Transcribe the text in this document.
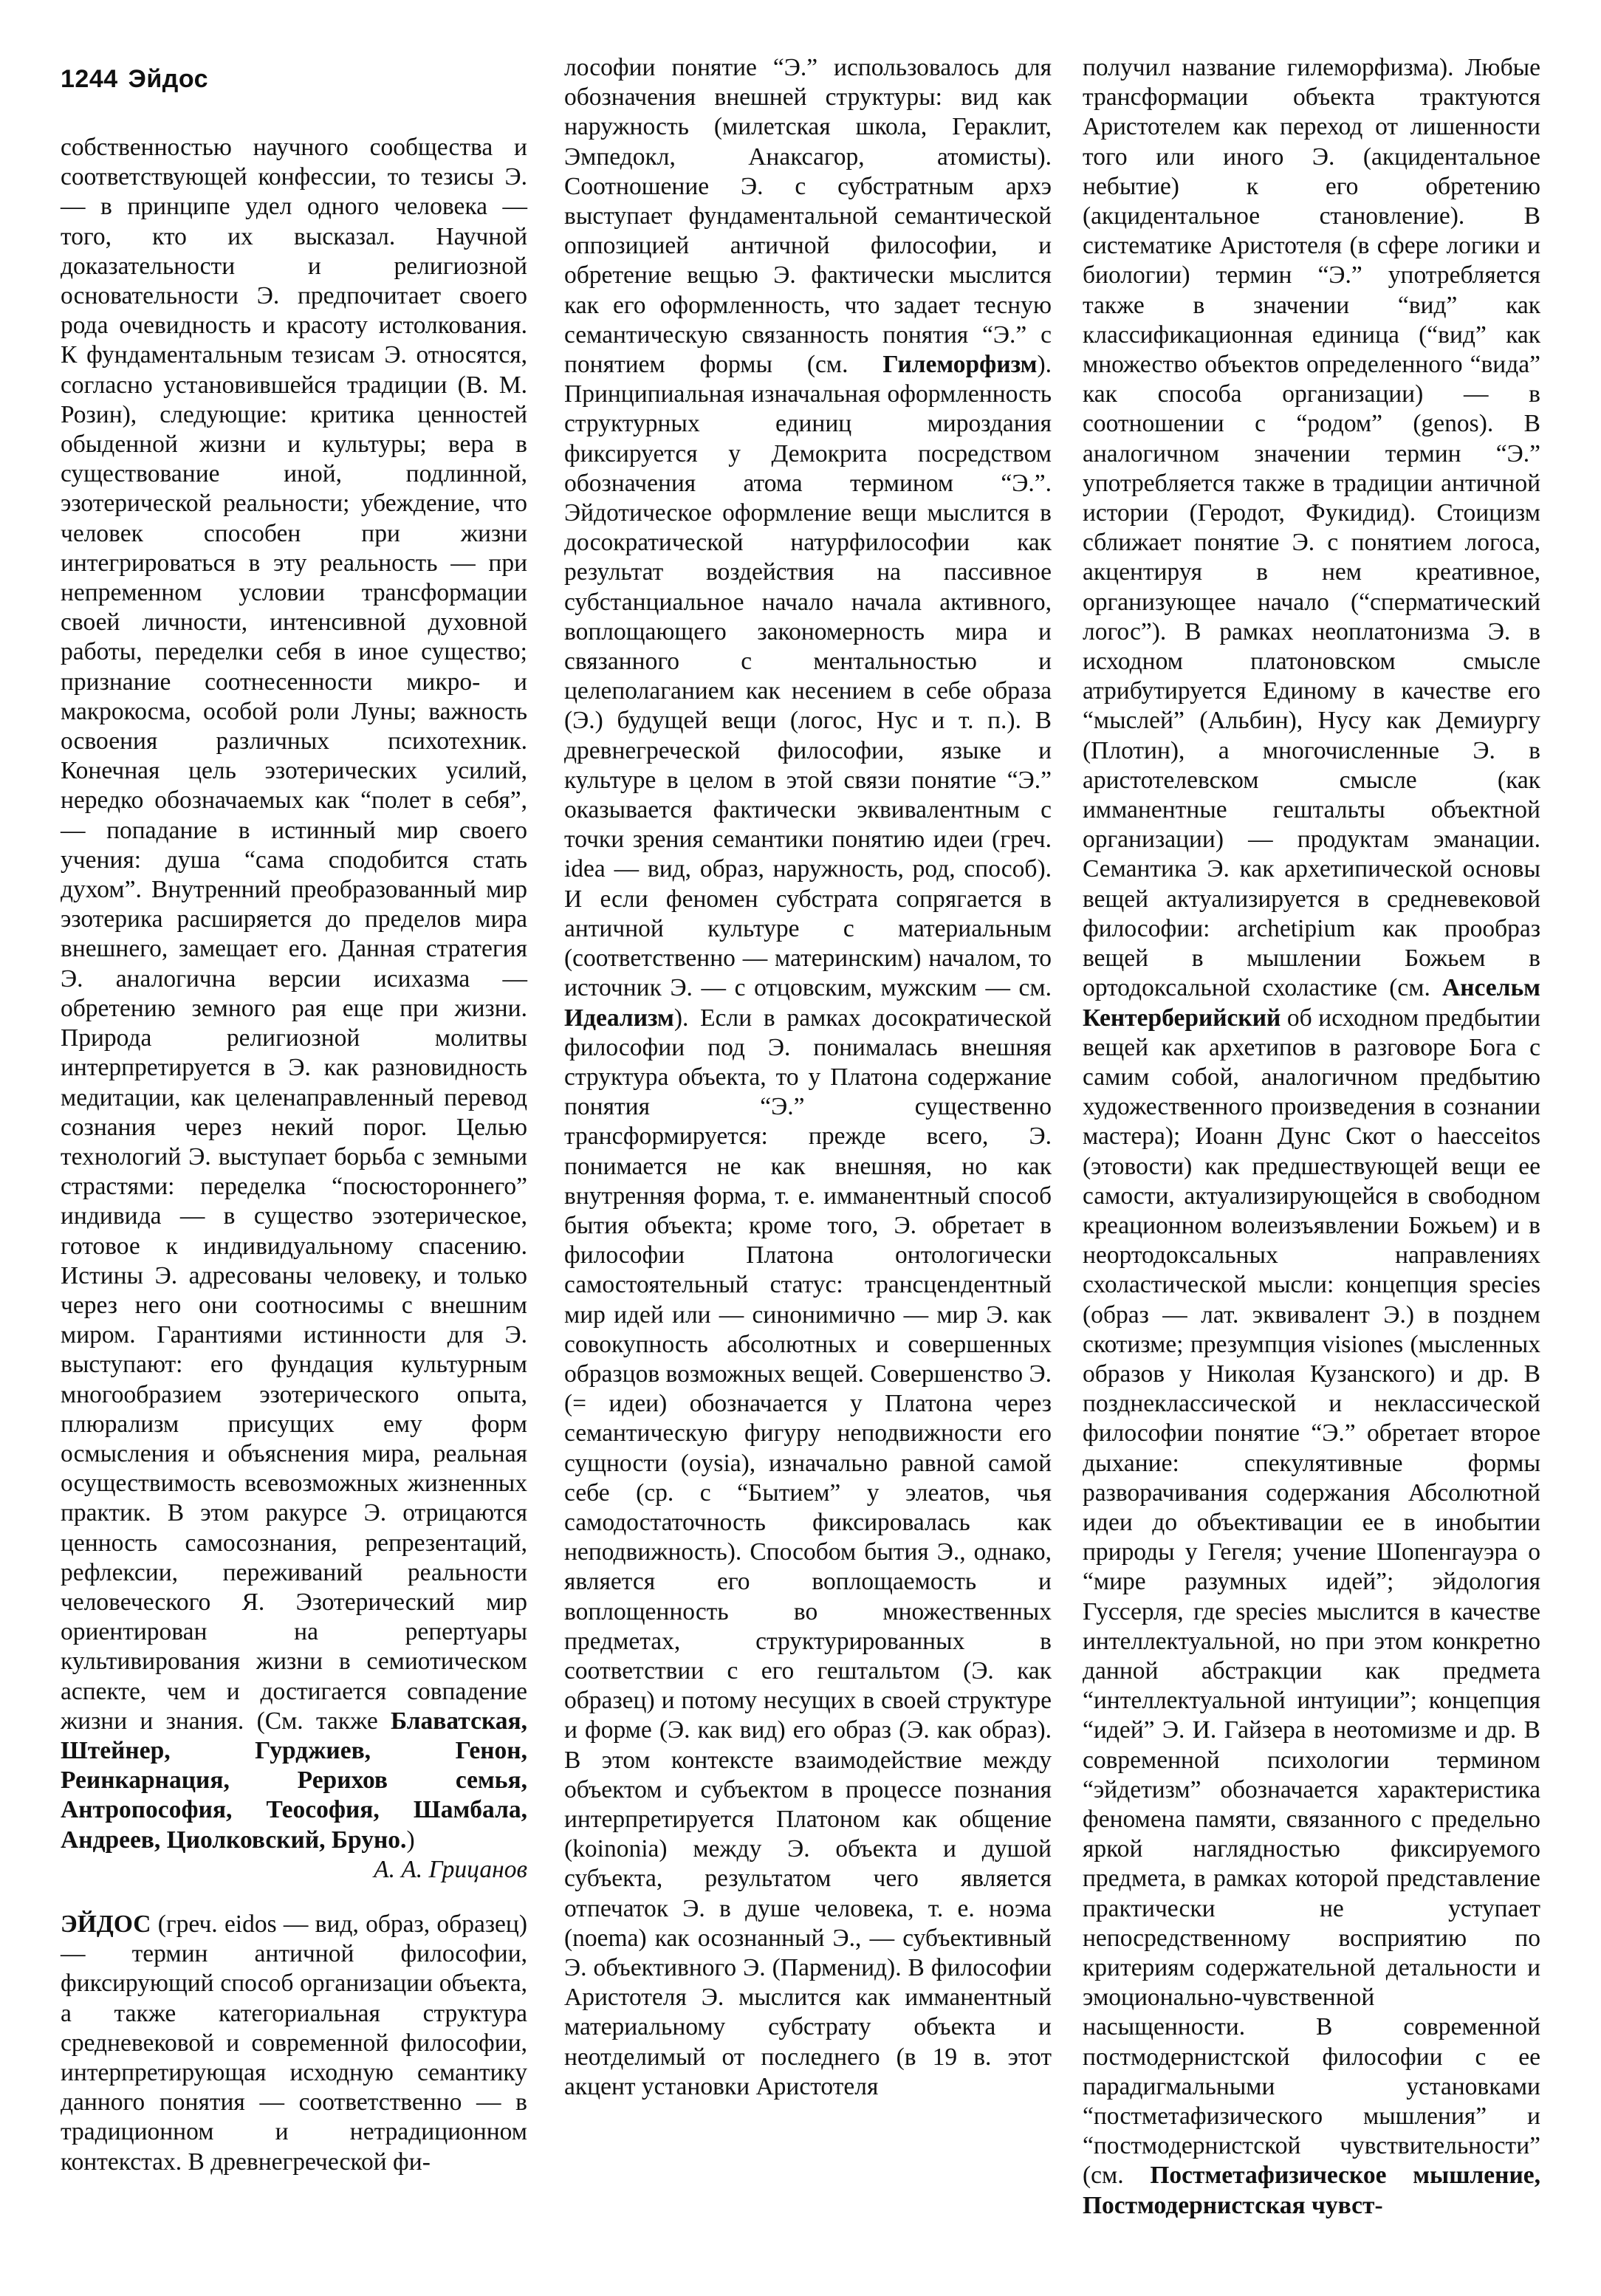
1244 Эйдос

собственностью научного сообщества и соответствующей конфессии, то тезисы Э. — в принципе удел одного человека — того, кто их высказал. Научной доказательности и религиозной основательности Э. предпочитает своего рода очевидность и красоту истолкования. К фундаментальным тезисам Э. относятся, согласно установившейся традиции (В. М. Розин), следующие: критика ценностей обыденной жизни и культуры; вера в существование иной, подлинной, эзотерической реальности; убеждение, что человек способен при жизни интегрироваться в эту реальность — при непременном условии трансформации своей личности, интенсивной духовной работы, переделки себя в иное существо; признание соотнесенности микро- и макрокосма, особой роли Луны; важность освоения различных психотехник. Конечная цель эзотерических усилий, нередко обозначаемых как “полет в себя”, — попадание в истинный мир своего учения: душа “сама сподобится стать духом”. Внутренний преобразованный мир эзотерика расширяется до пределов мира внешнего, замещает его. Данная стратегия Э. аналогична версии исихазма — обретению земного рая еще при жизни. Природа религиозной молитвы интерпретируется в Э. как разновидность медитации, как целенаправленный перевод сознания через некий порог. Целью технологий Э. выступает борьба с земными страстями: переделка “посюстороннего” индивида — в существо эзотерическое, готовое к индивидуальному спасению. Истины Э. адресованы человеку, и только через него они соотносимы с внешним миром. Гарантиями истинности для Э. выступают: его фундация культурным многообразием эзотерического опыта, плюрализм присущих ему форм осмысления и объяснения мира, реальная осуществимость всевозможных жизненных практик. В этом ракурсе Э. отрицаются ценность самосознания, репрезентаций, рефлексии, переживаний реальности человеческого Я. Эзотерический мир ориентирован на репертуары культивирования жизни в семиотическом аспекте, чем и достигается совпадение жизни и знания. (См. также Блаватская, Штейнер, Гурджиев, Генон, Реинкарнация, Рерихов семья, Антропософия, Теософия, Шамбала, Андреев, Циолковский, Бруно.)

А. А. Грицанов

ЭЙДОС (греч. eidos — вид, образ, образец) — термин античной философии, фиксирующий способ организации объекта, а также категориальная структура средневековой и современной философии, интерпретирующая исходную семантику данного понятия — соответственно — в традиционном и нетрадиционном контекстах. В древнегреческой фи-

лософии понятие “Э.” использовалось для обозначения внешней структуры: вид как наружность (милетская школа, Гераклит, Эмпедокл, Анаксагор, атомисты). Соотношение Э. с субстратным архэ выступает фундаментальной семантической оппозицией античной философии, и обретение вещью Э. фактически мыслится как его оформленность, что задает тесную семантическую связанность понятия “Э.” с понятием формы (см. Гилеморфизм). Принципиальная изначальная оформленность структурных единиц мироздания фиксируется у Демокрита посредством обозначения атома термином “Э.”. Эйдотическое оформление вещи мыслится в досократической натурфилософии как результат воздействия на пассивное субстанциальное начало начала активного, воплощающего закономерность мира и связанного с ментальностью и целеполаганием как несением в себе образа (Э.) будущей вещи (логос, Нус и т. п.). В древнегреческой философии, языке и культуре в целом в этой связи понятие “Э.” оказывается фактически эквивалентным с точки зрения семантики понятию идеи (греч. idea — вид, образ, наружность, род, способ). И если феномен субстрата сопрягается в античной культуре с материальным (соответственно — материнским) началом, то источник Э. — с отцовским, мужским — см. Идеализм). Если в рамках досократической философии под Э. понималась внешняя структура объекта, то у Платона содержание понятия “Э.” существенно трансформируется: прежде всего, Э. понимается не как внешняя, но как внутренняя форма, т. е. имманентный способ бытия объекта; кроме того, Э. обретает в философии Платона онтологически самостоятельный статус: трансцендентный мир идей или — синонимично — мир Э. как совокупность абсолютных и совершенных образцов возможных вещей. Совершенство Э. (= идеи) обозначается у Платона через семантическую фигуру неподвижности его сущности (oysia), изначально равной самой себе (ср. с “Бытием” у элеатов, чья самодостаточность фиксировалась как неподвижность). Способом бытия Э., однако, является его воплощаемость и воплощенность во множественных предметах, структурированных в соответствии с его гештальтом (Э. как образец) и потому несущих в своей структуре и форме (Э. как вид) его образ (Э. как образ). В этом контексте взаимодействие между объектом и субъектом в процессе познания интерпретируется Платоном как общение (koinonia) между Э. объекта и душой субъекта, результатом чего является отпечаток Э. в душе человека, т. е. ноэма (noema) как осознанный Э., — субъективный Э. объективного Э. (Парменид). В философии Аристотеля Э. мыслится как имманентный материальному субстрату объекта и неотделимый от последнего (в 19 в. этот акцент установки Аристотеля

получил название гилеморфизма). Любые трансформации объекта трактуются Аристотелем как переход от лишенности того или иного Э. (акцидентальное небытие) к его обретению (акцидентальное становление). В систематике Аристотеля (в сфере логики и биологии) термин “Э.” употребляется также в значении “вид” как классификационная единица (“вид” как множество объектов определенного “вида” как способа организации) — в соотношении с “родом” (genos). В аналогичном значении термин “Э.” употребляется также в традиции античной истории (Геродот, Фукидид). Стоицизм сближает понятие Э. с понятием логоса, акцентируя в нем креативное, организующее начало (“сперматический логос”). В рамках неоплатонизма Э. в исходном платоновском смысле атрибутируется Единому в качестве его “мыслей” (Альбин), Нусу как Демиургу (Плотин), а многочисленные Э. в аристотелевском смысле (как имманентные гештальты объектной организации) — продуктам эманации. Семантика Э. как архетипической основы вещей актуализируется в средневековой философии: archetipium как прообраз вещей в мышлении Божьем в ортодоксальной схоластике (см. Ансельм Кентерберийский об исходном предбытии вещей как архетипов в разговоре Бога с самим собой, аналогичном предбытию художественного произведения в сознании мастера); Иоанн Дунс Скот о haecceitos (этовости) как предшествующей вещи ее самости, актуализирующейся в свободном креационном волеизъявлении Божьем) и в неортодоксальных направлениях схоластической мысли: концепция species (образ — лат. эквивалент Э.) в позднем скотизме; презумпция visiones (мысленных образов у Николая Кузанского) и др. В позднеклассической и неклассической философии понятие “Э.” обретает второе дыхание: спекулятивные формы разворачивания содержания Абсолютной идеи до объективации ее в инобытии природы у Гегеля; учение Шопенгауэра о “мире разумных идей”; эйдология Гуссерля, где species мыслится в качестве интеллектуальной, но при этом конкретно данной абстракции как предмета “интеллектуальной интуиции”; концепция “идей” Э. И. Гайзера в неотомизме и др. В современной психологии термином “эйдетизм” обозначается характеристика феномена памяти, связанного с предельно яркой наглядностью фиксируемого предмета, в рамках которой представление практически не уступает непосредственному восприятию по критериям содержательной детальности и эмоционально-чувственной насыщенности. В современной постмодернистской философии с ее парадигмальными установками “постметафизического мышления” и “постмодернистской чувствительности” (см. Постметафизическое мышление, Постмодернистская чувст-
